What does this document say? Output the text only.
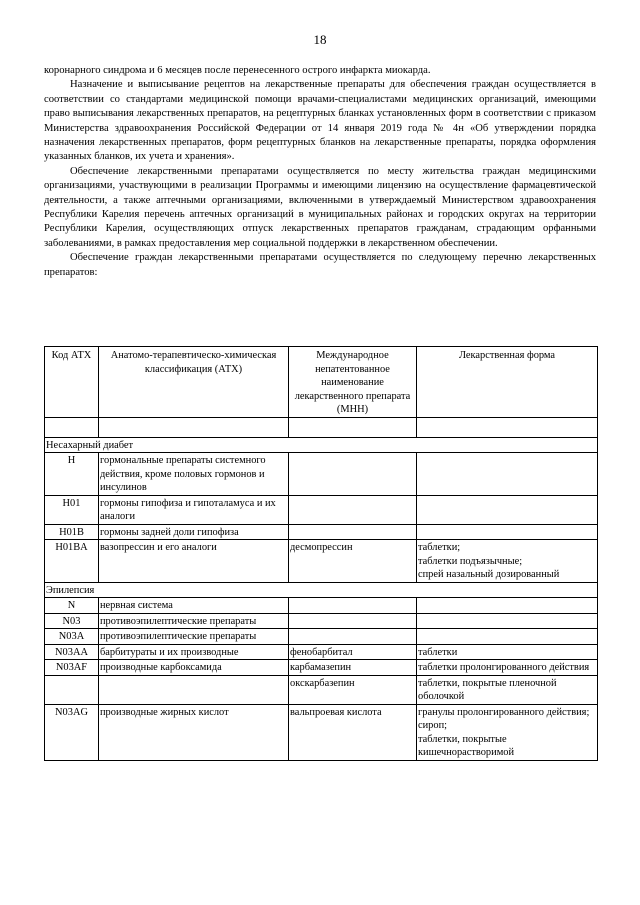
18

коронарного синдрома и 6 месяцев после перенесенного острого инфаркта миокарда.

Назначение и выписывание рецептов на лекарственные препараты для обеспечения граждан осуществляется в соответствии со стандартами медицинской помощи врачами-специалистами медицинских организаций, имеющими право выписывания лекарственных препаратов, на рецептурных бланках установленных форм в соответствии с приказом Министерства здравоохранения Российской Федерации от 14 января 2019 года № 4н «Об утверждении порядка назначения лекарственных препаратов, форм рецептурных бланков на лекарственные препараты, порядка оформления указанных бланков, их учета и хранения».

Обеспечение лекарственными препаратами осуществляется по месту жительства граждан медицинскими организациями, участвующими в реализации Программы и имеющими лицензию на осуществление фармацевтической деятельности, а также аптечными организациями, включенными в утверждаемый Министерством здравоохранения Республики Карелия перечень аптечных организаций в муниципальных районах и городских округах на территории Республики Карелия, осуществляющих отпуск лекарственных препаратов гражданам, страдающим орфанными заболеваниями, в рамках предоставления мер социальной поддержки в лекарственном обеспечении.

Обеспечение граждан лекарственными препаратами осуществляется по следующему перечню лекарственных препаратов:

Код АТХ	Анатомо-терапевтическо-химическая классификация (АТХ)	Международное непатентованное наименование лекарственного препарата (МНН)	Лекарственная форма

Несахарный диабет			
H	гормональные препараты системного действия, кроме половых гормонов и инсулинов		
H01	гормоны гипофиза и гипоталамуса и их аналоги		
H01B	гормоны задней доли гипофиза		
H01BA	вазопрессин и его аналоги	десмопрессин	таблетки;
таблетки подъязычные;
спрей назальный дозированный
Эпилепсия			
N	нервная система		
N03	противоэпилептические препараты		
N03A	противоэпилептические препараты		
N03AA	барбитураты и их производные	фенобарбитал	таблетки
N03AF	производные карбоксамида	карбамазепин	таблетки пролонгированного действия
		окскарбазепин	таблетки, покрытые пленочной оболочкой
N03AG	производные жирных кислот	вальпроевая кислота	гранулы пролонгированного действия;
сироп;
таблетки, покрытые кишечнорастворимой
